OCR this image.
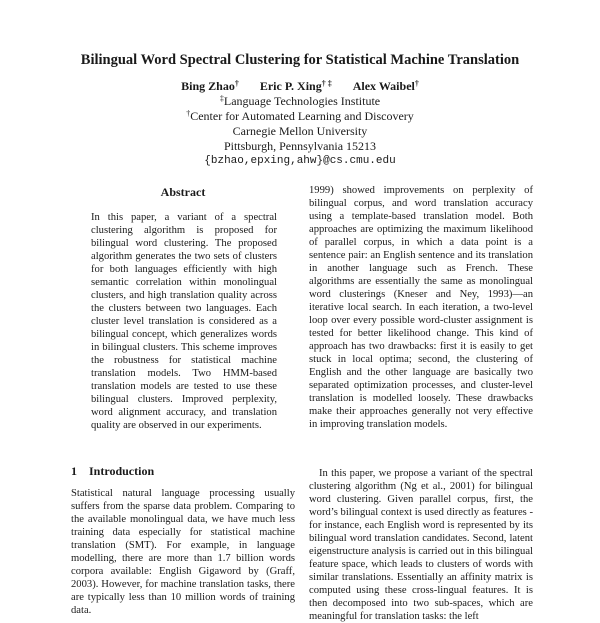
Bilingual Word Spectral Clustering for Statistical Machine Translation
Bing Zhao† Eric P. Xing† ‡ Alex Waibel†
‡Language Technologies Institute
†Center for Automated Learning and Discovery
Carnegie Mellon University
Pittsburgh, Pennsylvania 15213
{bzhao,epxing,ahw}@cs.cmu.edu
Abstract

In this paper, a variant of a spectral clustering algorithm is proposed for bilingual word clustering. The proposed algorithm generates the two sets of clusters for both languages efficiently with high semantic correlation within monolingual clusters, and high translation quality across the clusters between two languages. Each cluster level translation is considered as a bilingual concept, which generalizes words in bilingual clusters. This scheme improves the robustness for statistical machine translation models. Two HMM-based translation models are tested to use these bilingual clusters. Improved perplexity, word alignment accuracy, and translation quality are observed in our experiments.

1 Introduction

Statistical natural language processing usually suffers from the sparse data problem. Comparing to the available monolingual data, we have much less training data especially for statistical machine translation (SMT). For example, in language modelling, there are more than 1.7 billion words corpora available: English Gigaword by (Graff, 2003). However, for machine translation tasks, there are typically less than 10 million words of training data.

1999) showed improvements on perplexity of bilingual corpus, and word translation accuracy using a template-based translation model. Both approaches are optimizing the maximum likelihood of parallel corpus, in which a data point is a sentence pair: an English sentence and its translation in another language such as French. These algorithms are essentially the same as monolingual word clusterings (Kneser and Ney, 1993)—an iterative local search. In each iteration, a two-level loop over every possible word-cluster assignment is tested for better likelihood change. This kind of approach has two drawbacks: first it is easily to get stuck in local optima; second, the clustering of English and the other language are basically two separated optimization processes, and cluster-level translation is modelled loosely. These drawbacks make their approaches generally not very effective in improving translation models.

In this paper, we propose a variant of the spectral clustering algorithm (Ng et al., 2001) for bilingual word clustering. Given parallel corpus, first, the word’s bilingual context is used directly as features - for instance, each English word is represented by its bilingual word translation candidates. Second, latent eigenstructure analysis is carried out in this bilingual feature space, which leads to clusters of words with similar translations. Essentially an affinity matrix is computed using these cross-lingual features. It is then decomposed into two sub-spaces, which are meaningful for translation tasks: the left
